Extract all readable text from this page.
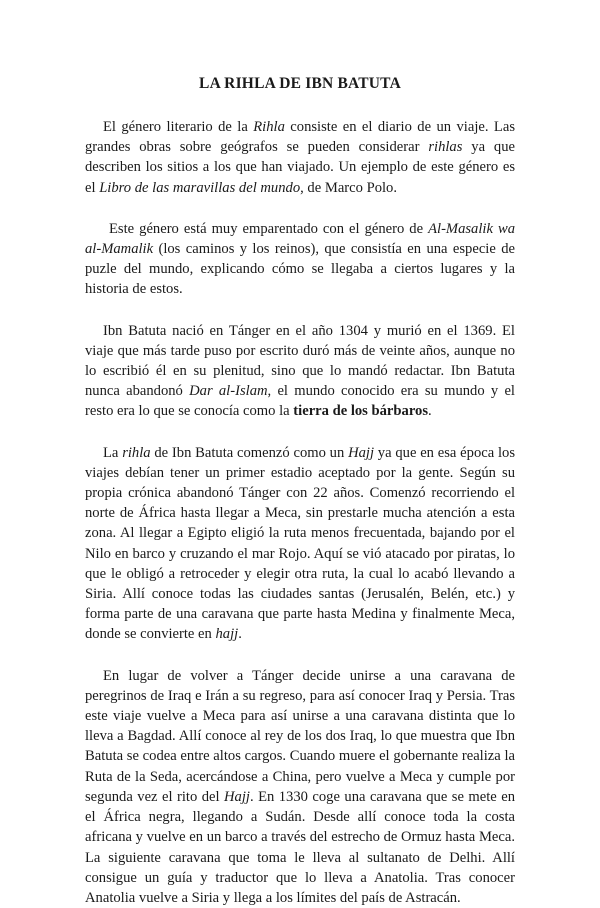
LA RIHLA DE IBN BATUTA

El género literario de la Rihla consiste en el diario de un viaje. Las grandes obras sobre geógrafos se pueden considerar rihlas ya que describen los sitios a los que han viajado. Un ejemplo de este género es el Libro de las maravillas del mundo, de Marco Polo.

Este género está muy emparentado con el género de Al-Masalik wa al-Mamalik (los caminos y los reinos), que consistía en una especie de puzle del mundo, explicando cómo se llegaba a ciertos lugares y la historia de estos.

Ibn Batuta nació en Tánger en el año 1304 y murió en el 1369. El viaje que más tarde puso por escrito duró más de veinte años, aunque no lo escribió él en su plenitud, sino que lo mandó redactar. Ibn Batuta nunca abandonó Dar al-Islam, el mundo conocido era su mundo y el resto era lo que se conocía como la tierra de los bárbaros.

La rihla de Ibn Batuta comenzó como un Hajj ya que en esa época los viajes debían tener un primer estadio aceptado por la gente. Según su propia crónica abandonó Tánger con 22 años. Comenzó recorriendo el norte de África hasta llegar a Meca, sin prestarle mucha atención a esta zona. Al llegar a Egipto eligió la ruta menos frecuentada, bajando por el Nilo en barco y cruzando el mar Rojo. Aquí se vió atacado por piratas, lo que le obligó a retroceder y elegir otra ruta, la cual lo acabó llevando a Siria. Allí conoce todas las ciudades santas (Jerusalén, Belén, etc.) y forma parte de una caravana que parte hasta Medina y finalmente Meca, donde se convierte en hajj.

En lugar de volver a Tánger decide unirse a una caravana de peregrinos de Iraq e Irán a su regreso, para así conocer Iraq y Persia. Tras este viaje vuelve a Meca para así unirse a una caravana distinta que lo lleva a Bagdad. Allí conoce al rey de los dos Iraq, lo que muestra que Ibn Batuta se codea entre altos cargos. Cuando muere el gobernante realiza la Ruta de la Seda, acercándose a China, pero vuelve a Meca y cumple por segunda vez el rito del Hajj. En 1330 coge una caravana que se mete en el África negra, llegando a Sudán. Desde allí conoce toda la costa africana y vuelve en un barco a través del estrecho de Ormuz hasta Meca. La siguiente caravana que toma le lleva al sultanato de Delhi. Allí consigue un guía y traductor que lo lleva a Anatolia. Tras conocer Anatolia vuelve a Siria y llega a los límites del país de Astracán.
